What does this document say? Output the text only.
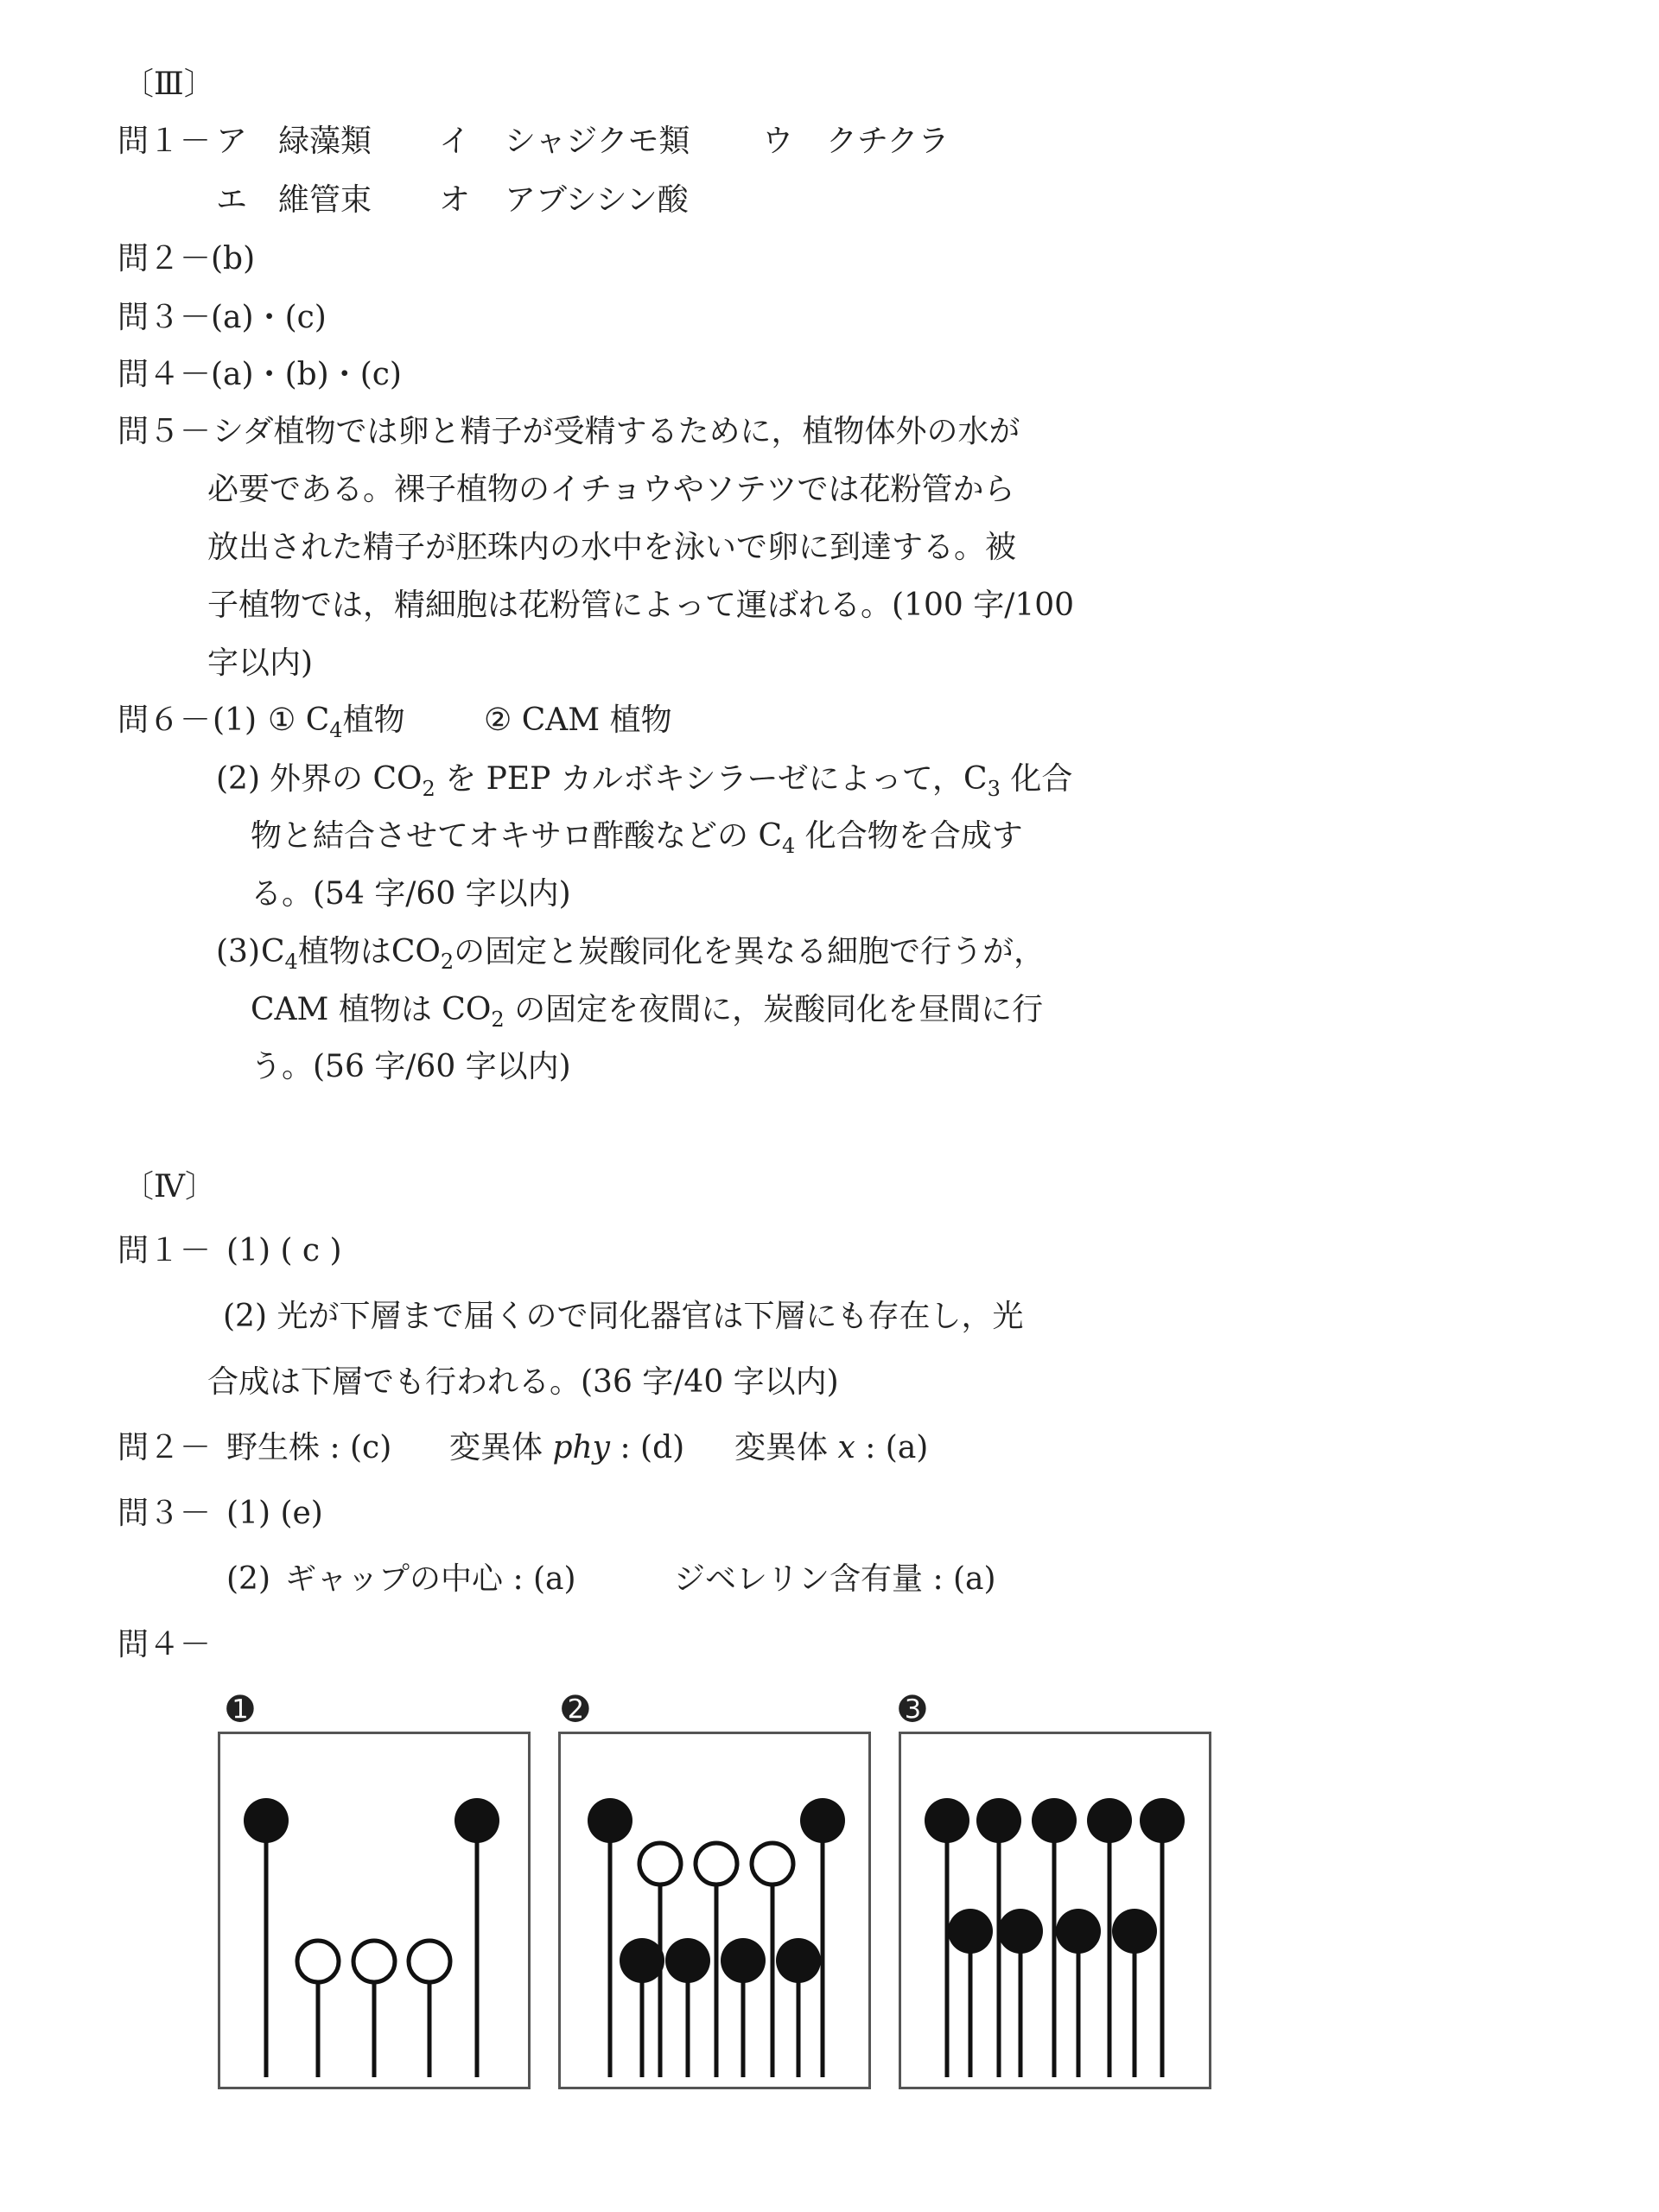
〔Ⅲ〕
問１－ ア 緑藻類 イ シャジクモ類 ウ クチクラ
エ 維管束 オ アブシシン酸
問２－(b)
問３－(a)・(c)
問４－(a)・(b)・(c)
問５－ シダ植物では卵と精子が受精するために，植物体外の水が
必要である。裸子植物のイチョウやソテツでは花粉管から
放出された精子が胚珠内の水中を泳いで卵に到達する。被
子植物では，精細胞は花粉管によって運ばれる。(100 字/100
字以内)
問６－ (1) ① $C_4$植物	② CAM 植物
(2) 外界の $CO_2$ を PEP カルボキシラーゼによって，$C_3$ 化合
物と結合させてオキサロ酢酸などの $C_4$ 化合物を合成す
る。(54 字/60 字以内)
(3) $C_4$植物は$CO_2$の固定と炭酸同化を異なる細胞で行うが，
CAM 植物は $CO_2$ の固定を夜間に，炭酸同化を昼間に行
う。(56 字/60 字以内)
〔Ⅳ〕
問１－ (1) ( c )
(2) 光が下層まで届くので同化器官は下層にも存在し，光
合成は下層でも行われる。(36 字/40 字以内)
問２－ 野生株 : (c) 変異体 phy : (d) 変異体 x : (a)
問３－ (1) (e)
(2) ギャップの中心 : (a)	ジベレリン含有量 : (a)
問４－
➊	➋	➌
